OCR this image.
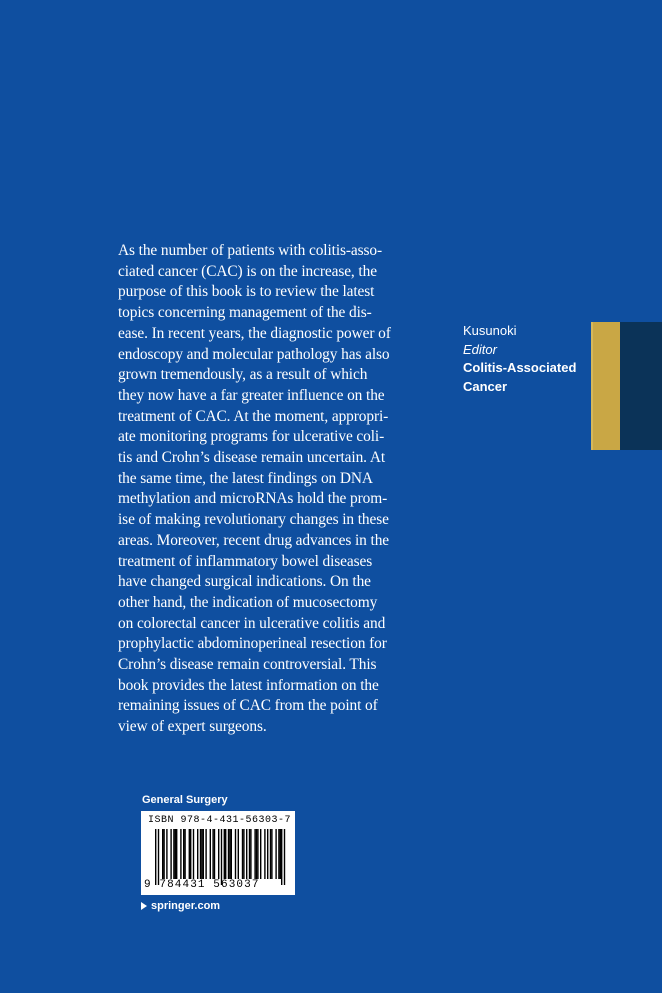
As the number of patients with colitis-asso-
ciated cancer (CAC) is on the increase, the
purpose of this book is to review the latest
topics concerning management of the dis-
ease. In recent years, the diagnostic power of
endoscopy and molecular pathology has also
grown tremendously, as a result of which
they now have a far greater influence on the
treatment of CAC. At the moment, appropri-
ate monitoring programs for ulcerative coli-
tis and Crohn’s disease remain uncertain. At
the same time, the latest findings on DNA
methylation and microRNAs hold the prom-
ise of making revolutionary changes in these
areas. Moreover, recent drug advances in the
treatment of inflammatory bowel diseases
have changed surgical indications. On the
other hand, the indication of mucosectomy
on colorectal cancer in ulcerative colitis and
prophylactic abdominoperineal resection for
Crohn’s disease remain controversial. This
book provides the latest information on the
remaining issues of CAC from the point of
view of expert surgeons.
Kusunoki
Editor
Colitis-Associated
Cancer
General Surgery
ISBN 978-4-431-56303-7
9 784431 563037
springer.com
